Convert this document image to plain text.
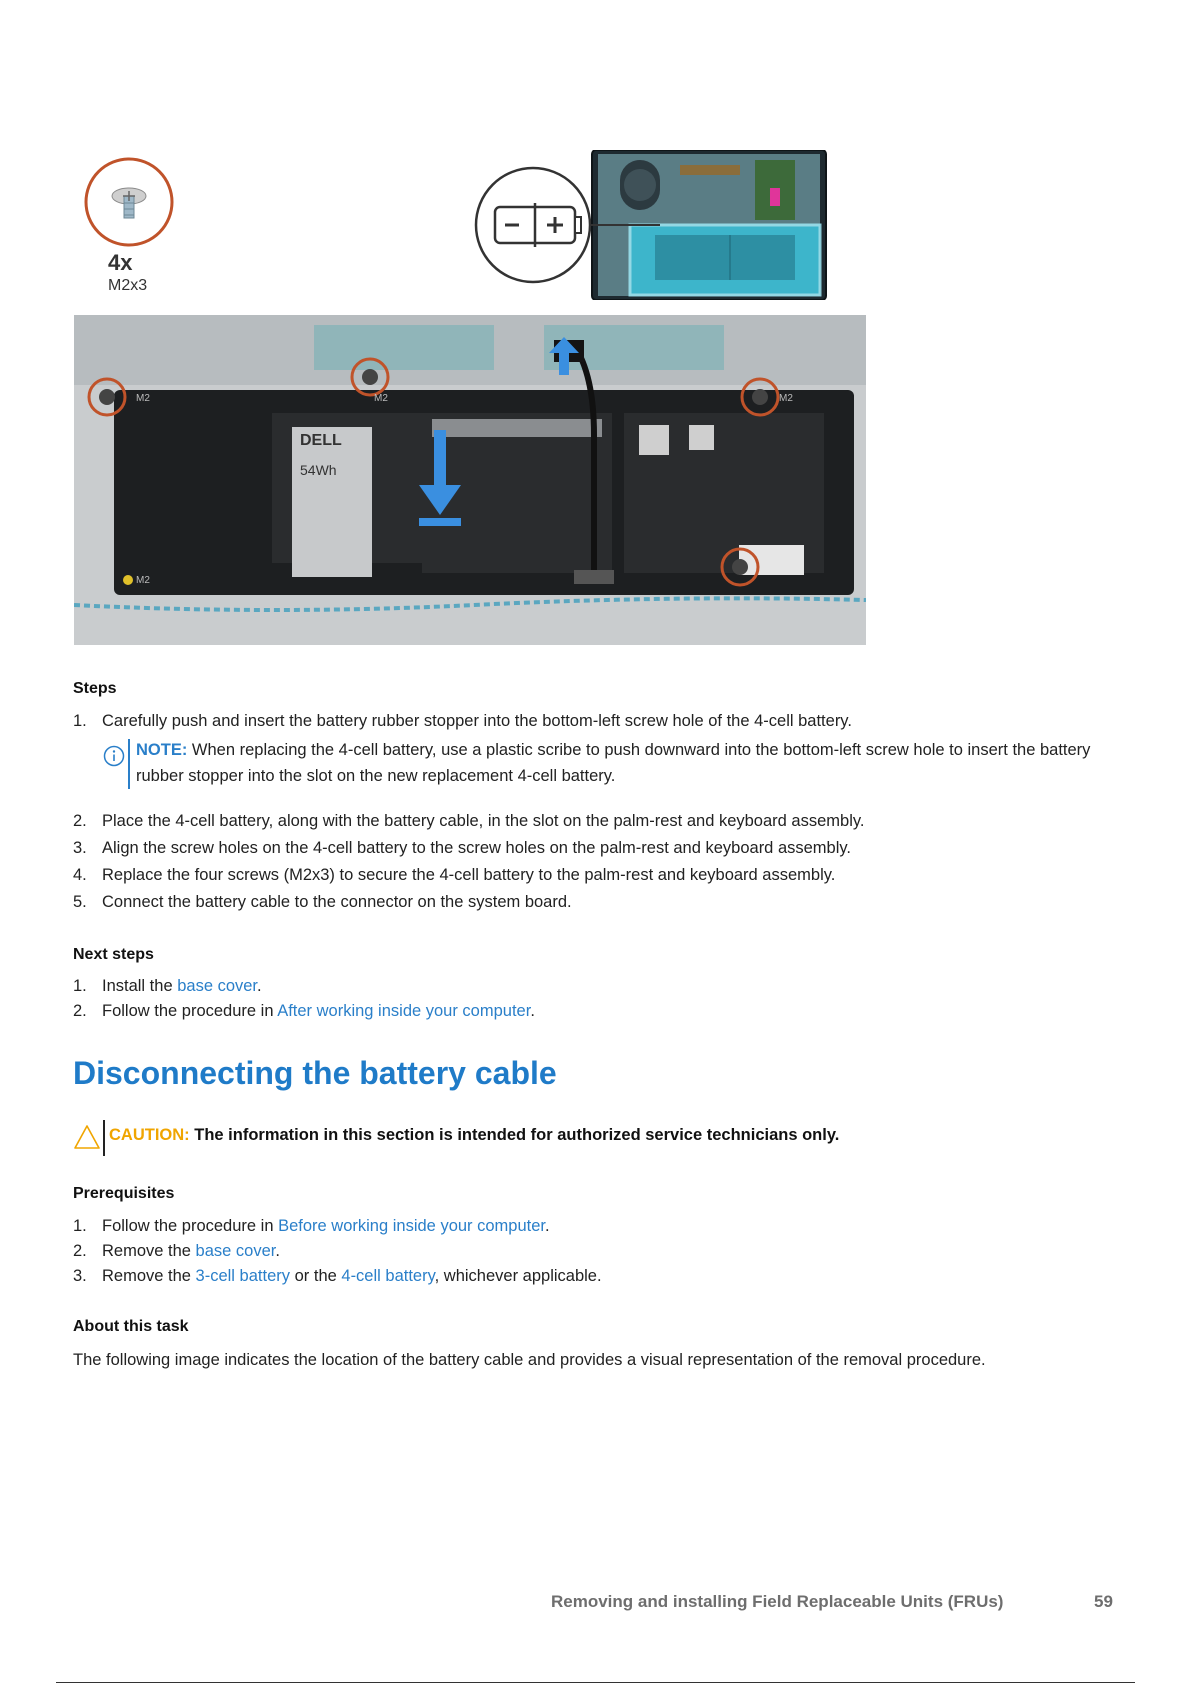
4x
M2x3
DELL
54Wh
M2	M2	M2
M2
Steps
1. Carefully push and insert the battery rubber stopper into the bottom-left screw hole of the 4-cell battery.
NOTE: When replacing the 4-cell battery, use a plastic scribe to push downward into the bottom-left screw hole to insert the battery rubber stopper into the slot on the new replacement 4-cell battery.
2. Place the 4-cell battery, along with the battery cable, in the slot on the palm-rest and keyboard assembly.
3. Align the screw holes on the 4-cell battery to the screw holes on the palm-rest and keyboard assembly.
4. Replace the four screws (M2x3) to secure the 4-cell battery to the palm-rest and keyboard assembly.
5. Connect the battery cable to the connector on the system board.
Next steps
1. Install the base cover.
2. Follow the procedure in After working inside your computer.
Disconnecting the battery cable
CAUTION: The information in this section is intended for authorized service technicians only.
Prerequisites
1. Follow the procedure in Before working inside your computer.
2. Remove the base cover.
3. Remove the 3-cell battery or the 4-cell battery, whichever applicable.
About this task
The following image indicates the location of the battery cable and provides a visual representation of the removal procedure.
Removing and installing Field Replaceable Units (FRUs)	59
